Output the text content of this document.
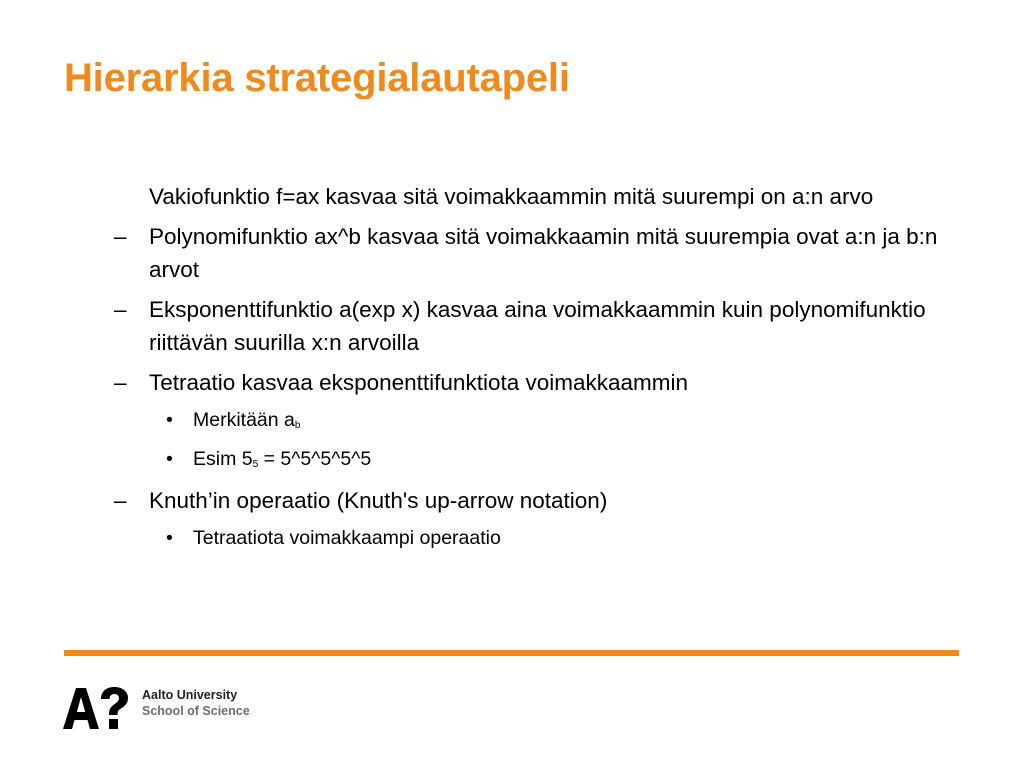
Hierarkia strategialautapeli
Vakiofunktio f=ax kasvaa sitä voimakkaammin mitä suurempi on a:n arvo
– Polynomifunktio ax^b kasvaa sitä voimakkaamin mitä suurempia ovat a:n ja b:n arvot
– Eksponenttifunktio a(exp x) kasvaa aina voimakkaammin kuin polynomifunktio riittävän suurilla x:n arvoilla
– Tetraatio kasvaa eksponenttifunktiota voimakkaammin
• Merkitään $a_b$
• Esim $5_5$ = 5^5^5^5^5
– Knuth’in operaatio (Knuth's up-arrow notation)
• Tetraatiota voimakkaampi operaatio
Aalto University
School of Science
